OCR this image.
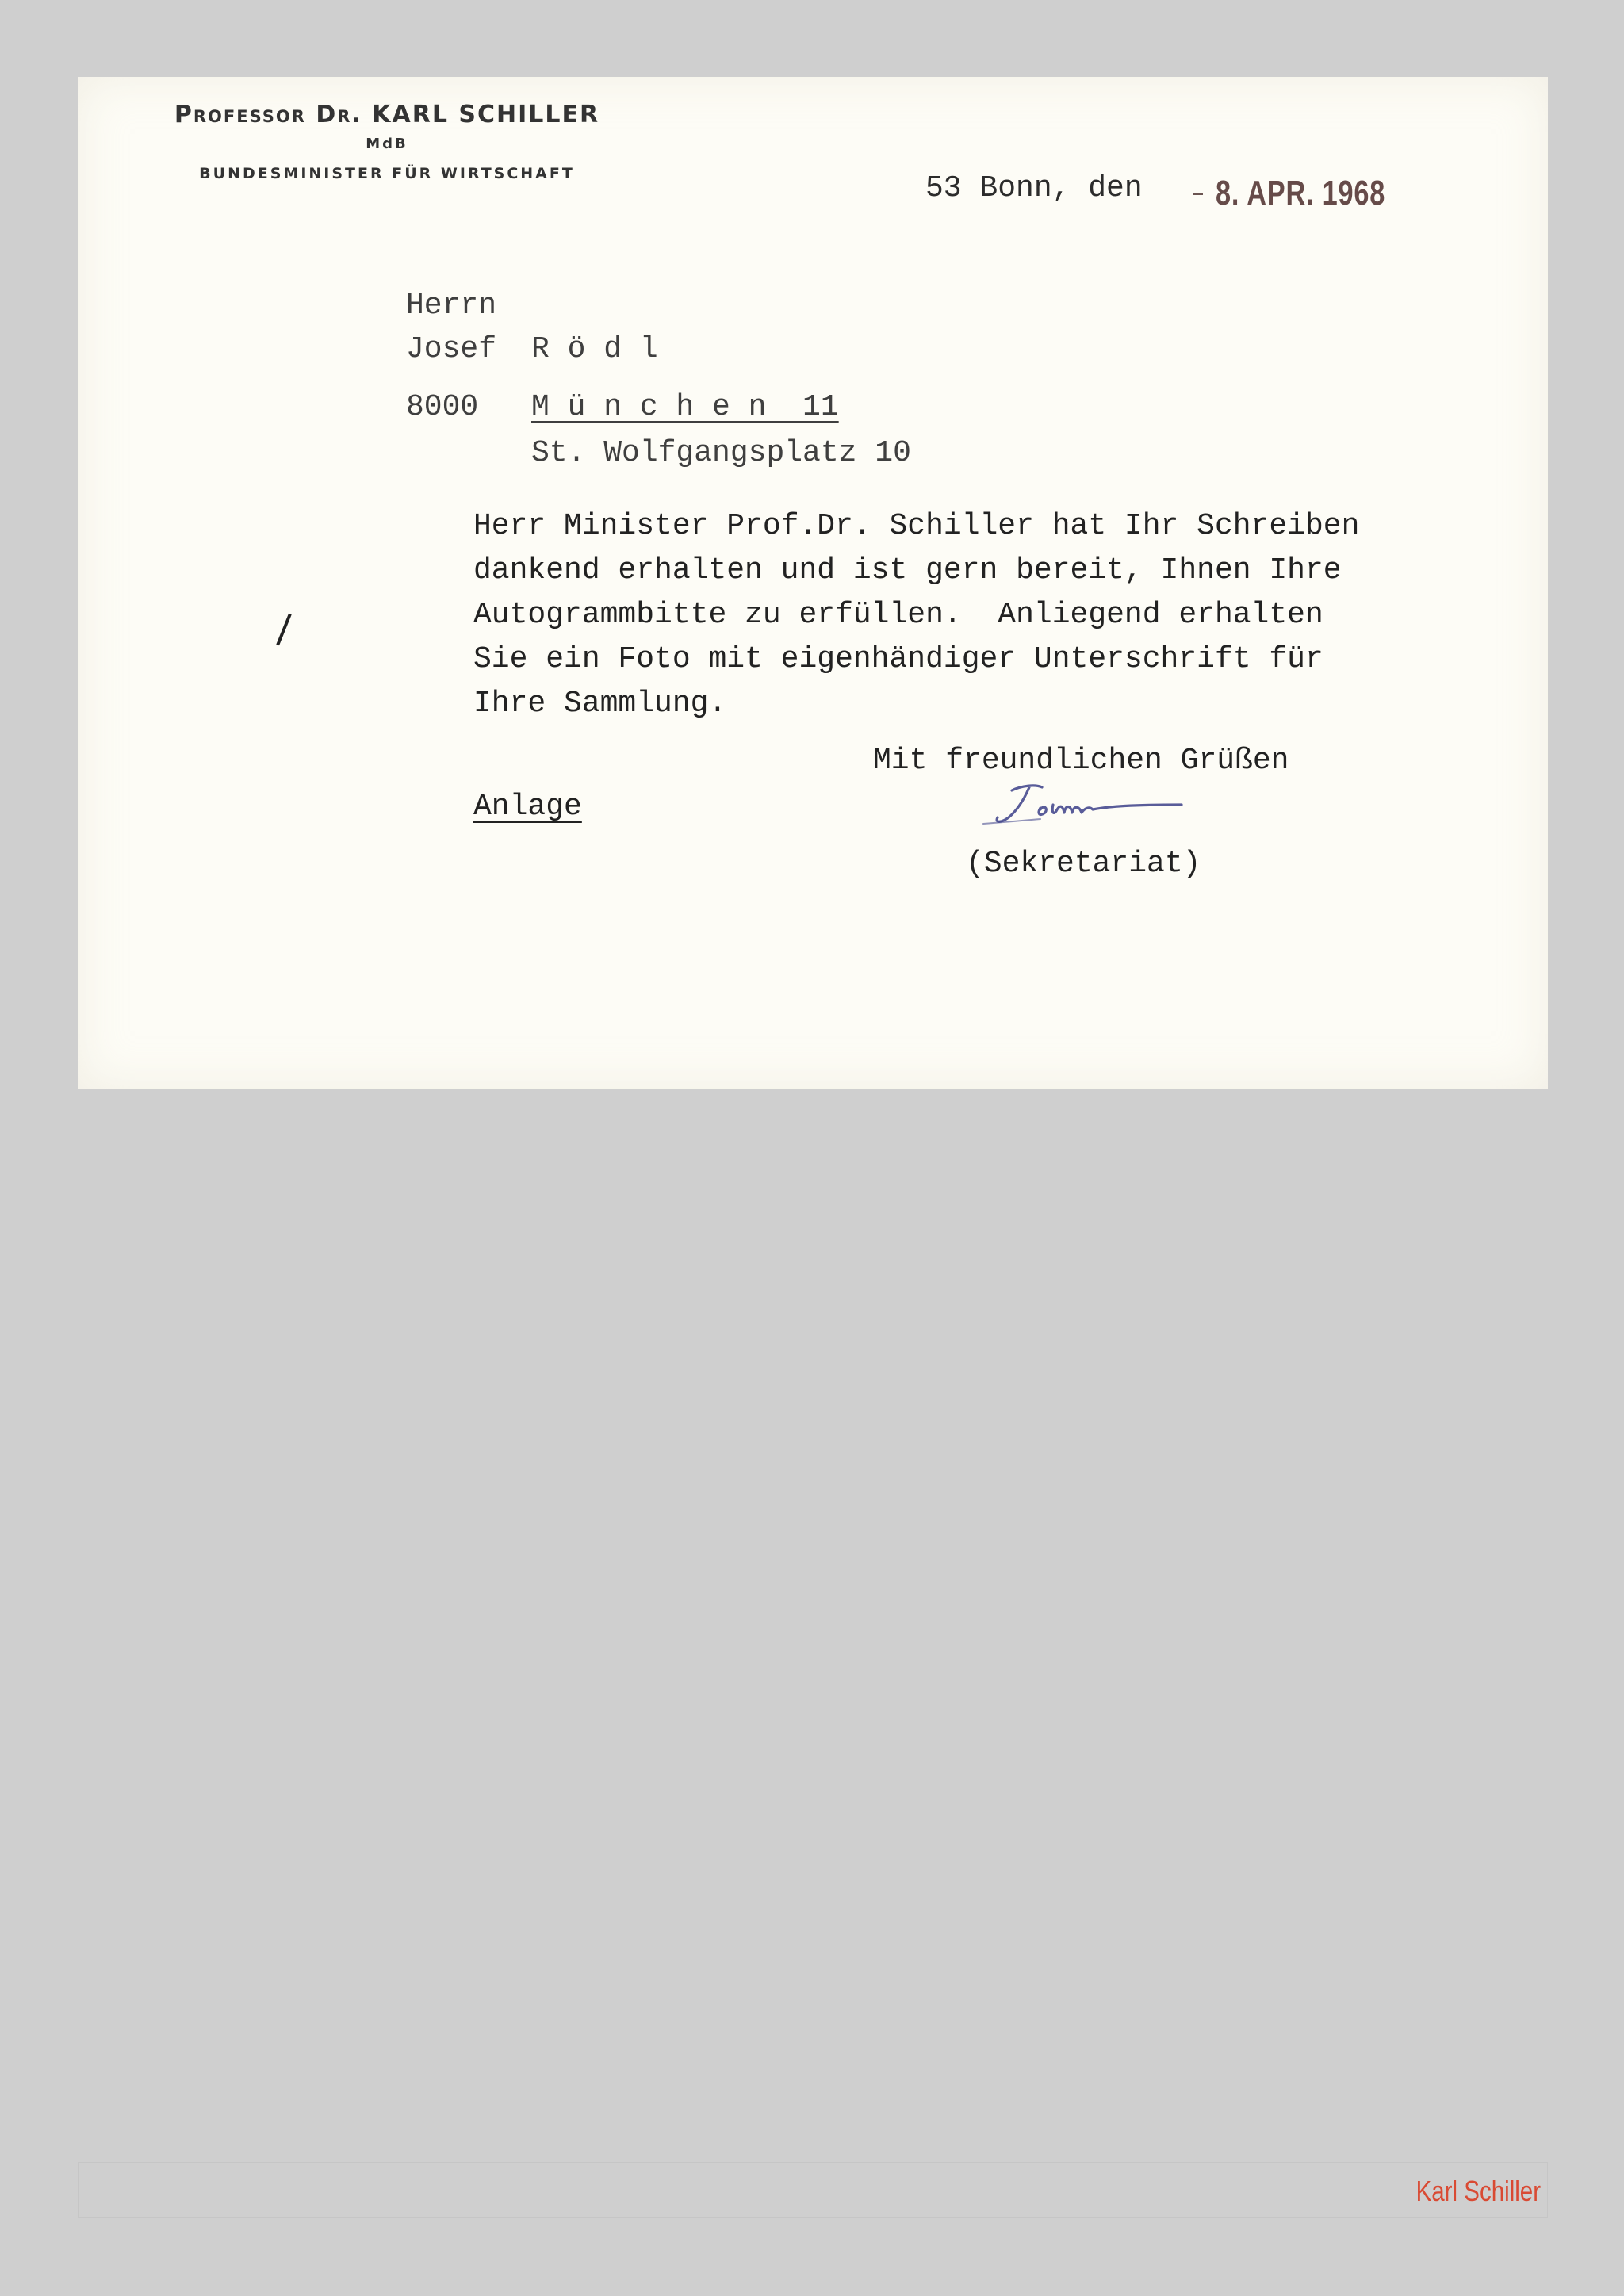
Professor Dr. KARL SCHILLER
MdB
BUNDESMINISTER FÜR WIRTSCHAFT	53 Bonn, den 8. APR. 1968
Herrn
Josef R ö d l
8000 M ü n c h e n  11
St. Wolfgangsplatz 10
Herr Minister Prof.Dr. Schiller hat Ihr Schreiben
dankend erhalten und ist gern bereit, Ihnen Ihre
Autogrammbitte zu erfüllen.  Anliegend erhalten
Sie ein Foto mit eigenhändiger Unterschrift für
Ihre Sammlung.
Mit freundlichen Grüßen
Anlage
(Sekretariat)
Karl Schiller
